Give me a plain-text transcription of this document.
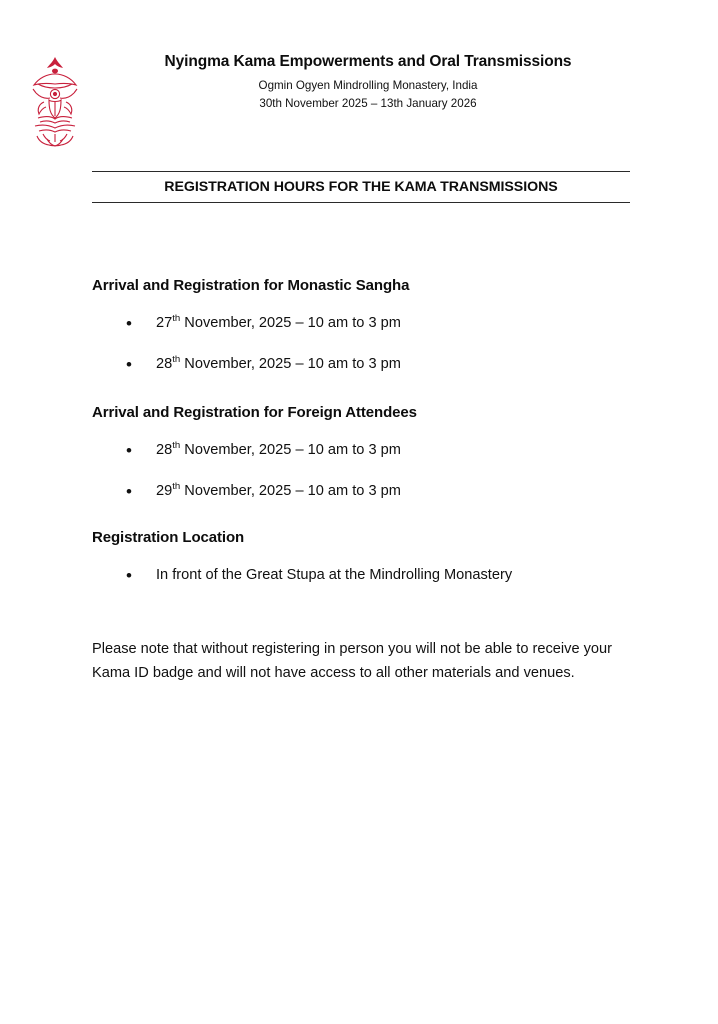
Nyingma Kama Empowerments and Oral Transmissions
Ogmin Ogyen Mindrolling Monastery, India
30th November 2025 – 13th January 2026
REGISTRATION HOURS FOR THE KAMA TRANSMISSIONS
Arrival and Registration for Monastic Sangha
• 27th November, 2025 – 10 am to 3 pm
• 28th November, 2025 – 10 am to 3 pm
Arrival and Registration for Foreign Attendees
• 28th November, 2025 – 10 am to 3 pm
• 29th November, 2025 – 10 am to 3 pm
Registration Location
• In front of the Great Stupa at the Mindrolling Monastery
Please note that without registering in person you will not be able to receive your Kama ID badge and will not have access to all other materials and venues.
